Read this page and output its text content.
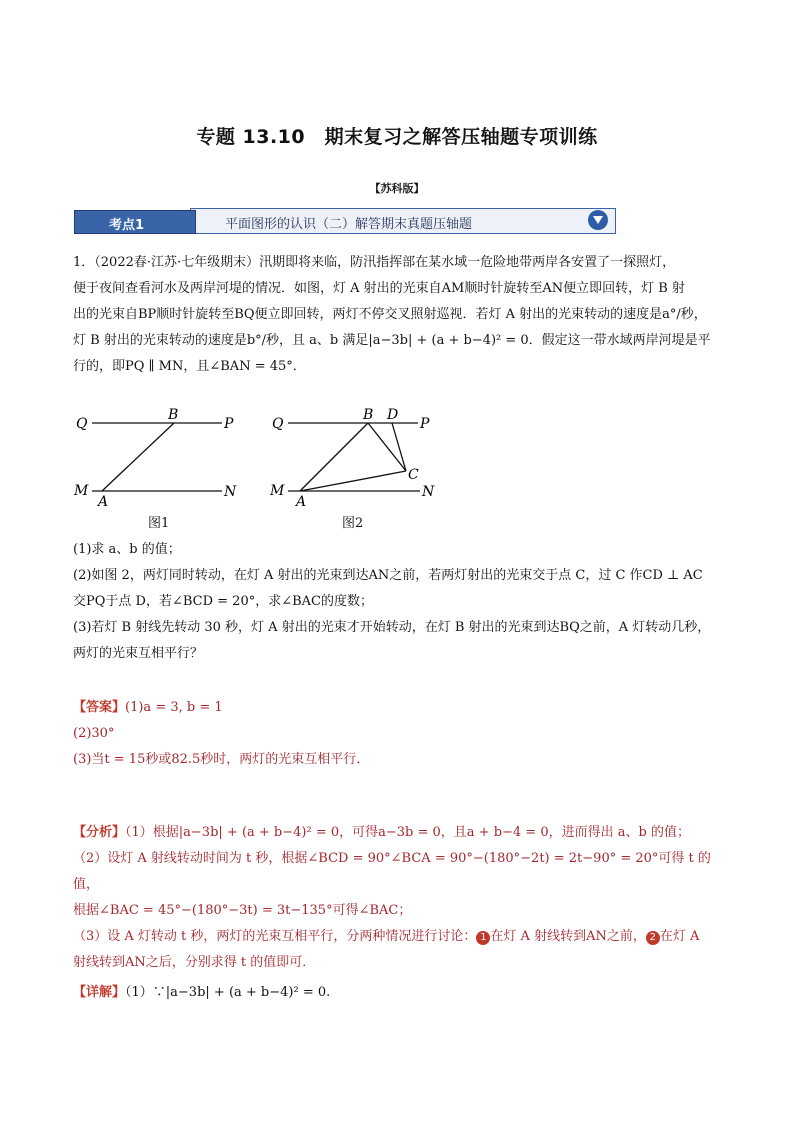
专题 13.10　期末复习之解答压轴题专项训练
【苏科版】
平面图形的认识（二）解答期末真题压轴题
考点1
1．（2022春·江苏·七年级期末）汛期即将来临，防汛指挥部在某水域一危险地带两岸各安置了一探照灯，
便于夜间查看河水及两岸河堤的情况．如图，灯 A 射出的光束自AM顺时针旋转至AN便立即回转，灯 B 射
出的光束自BP顺时针旋转至BQ便立即回转，两灯不停交叉照射巡视．若灯 A 射出的光束转动的速度是a°/秒，
灯 B 射出的光束转动的速度是b°/秒，且 a、b 满足|a−3b| + (a + b−4)² = 0．假定这一带水域两岸河堤是平
行的，即PQ ∥ MN，且∠BAN = 45°．
Q
B
P
M
A
N
图1
Q
B D
P
C
M
A
N
图2
(1)求 a、b 的值；
(2)如图 2，两灯同时转动，在灯 A 射出的光束到达AN之前，若两灯射出的光束交于点 C，过 C 作CD ⊥ AC
交PQ于点 D，若∠BCD = 20°，求∠BAC的度数；
(3)若灯 B 射线先转动 30 秒，灯 A 射出的光束才开始转动，在灯 B 射出的光束到达BQ之前，A 灯转动几秒，
两灯的光束互相平行？
【答案】(1)a = 3, b = 1
(2)30°
(3)当t = 15秒或82.5秒时，两灯的光束互相平行．
【分析】（1）根据|a−3b| + (a + b−4)² = 0，可得a−3b = 0，且a + b−4 = 0，进而得出 a、b 的值；
（2）设灯 A 射线转动时间为 t 秒，根据∠BCD = 90°∠BCA = 90°−(180°−2t) = 2t−90° = 20°可得 t 的值，
根据∠BAC = 45°−(180°−3t) = 3t−135°可得∠BAC；
（3）设 A 灯转动 t 秒，两灯的光束互相平行，分两种情况进行讨论： 1 在灯 A 射线转到AN之前， 2 在灯 A
射线转到AN之后，分别求得 t 的值即可．
【详解】（1）∵|a−3b| + (a + b−4)² = 0.
